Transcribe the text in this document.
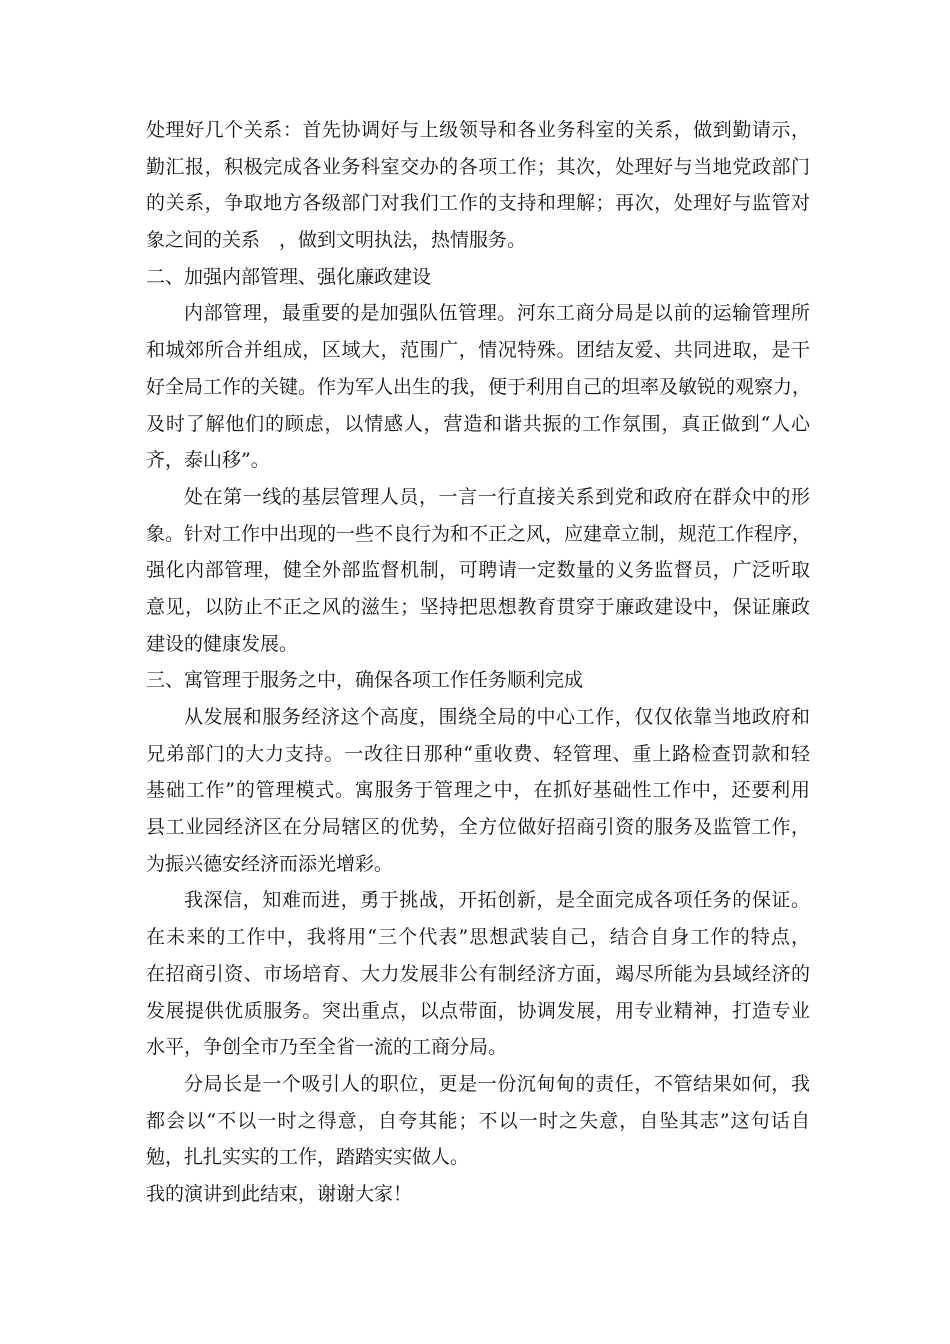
处理好几个关系：首先协调好与上级领导和各业务科室的关系，做到勤请示，
勤汇报，积极完成各业务科室交办的各项工作；其次，处理好与当地党政部门
的关系，争取地方各级部门对我们工作的支持和理解；再次，处理好与监管对
象之间的关系　，做到文明执法，热情服务。
二、加强内部管理、强化廉政建设
内部管理，最重要的是加强队伍管理。河东工商分局是以前的运输管理所
和城郊所合并组成，区域大，范围广，情况特殊。团结友爱、共同进取，是干
好全局工作的关键。作为军人出生的我，便于利用自己的坦率及敏锐的观察力，
及时了解他们的顾虑，以情感人，营造和谐共振的工作氛围，真正做到“人心
齐，泰山移”。
处在第一线的基层管理人员，一言一行直接关系到党和政府在群众中的形
象。针对工作中出现的一些不良行为和不正之风，应建章立制，规范工作程序，
强化内部管理，健全外部监督机制，可聘请一定数量的义务监督员，广泛听取
意见，以防止不正之风的滋生；坚持把思想教育贯穿于廉政建设中，保证廉政
建设的健康发展。
三、寓管理于服务之中，确保各项工作任务顺利完成
从发展和服务经济这个高度，围绕全局的中心工作，仅仅依靠当地政府和
兄弟部门的大力支持。一改往日那种“重收费、轻管理、重上路检查罚款和轻
基础工作”的管理模式。寓服务于管理之中，在抓好基础性工作中，还要利用
县工业园经济区在分局辖区的优势，全方位做好招商引资的服务及监管工作，
为振兴德安经济而添光增彩。
我深信，知难而进，勇于挑战，开拓创新，是全面完成各项任务的保证。
在未来的工作中，我将用“三个代表”思想武装自己，结合自身工作的特点，
在招商引资、市场培育、大力发展非公有制经济方面，竭尽所能为县域经济的
发展提供优质服务。突出重点，以点带面，协调发展，用专业精神，打造专业
水平，争创全市乃至全省一流的工商分局。
分局长是一个吸引人的职位，更是一份沉甸甸的责任，不管结果如何，我
都会以“不以一时之得意，自夸其能；不以一时之失意，自坠其志”这句话自
勉，扎扎实实的工作，踏踏实实做人。
我的演讲到此结束，谢谢大家！
